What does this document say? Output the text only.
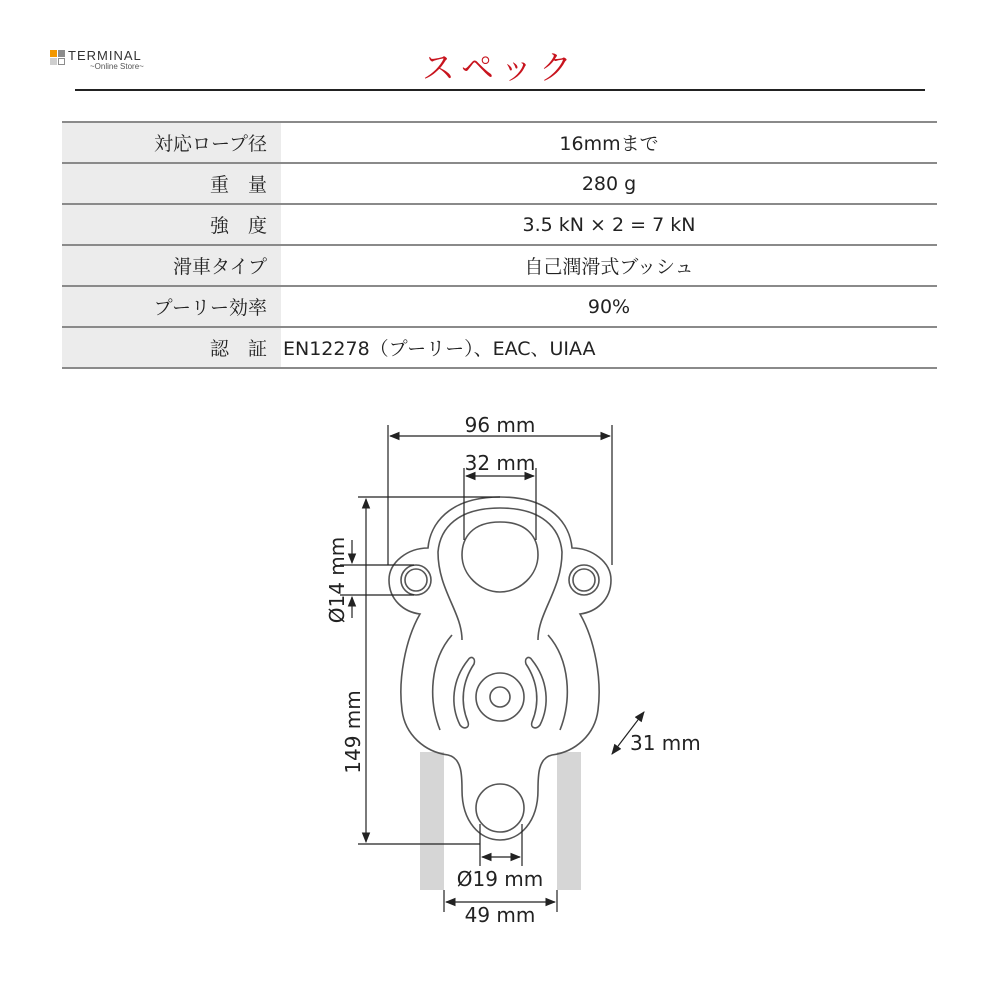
TERMINAL
~Online Store~	スペック
対応ロープ径	16mmまで
重　量	280 g
強　度	3.5 kN × 2 = 7 kN
滑車タイプ	自己潤滑式ブッシュ
プーリー効率	90%
認　証	EN12278（プーリー）、EAC、UIAA
96 mm
32 mm
Ø14 mm
149 mm	31 mm
Ø19 mm
49 mm
